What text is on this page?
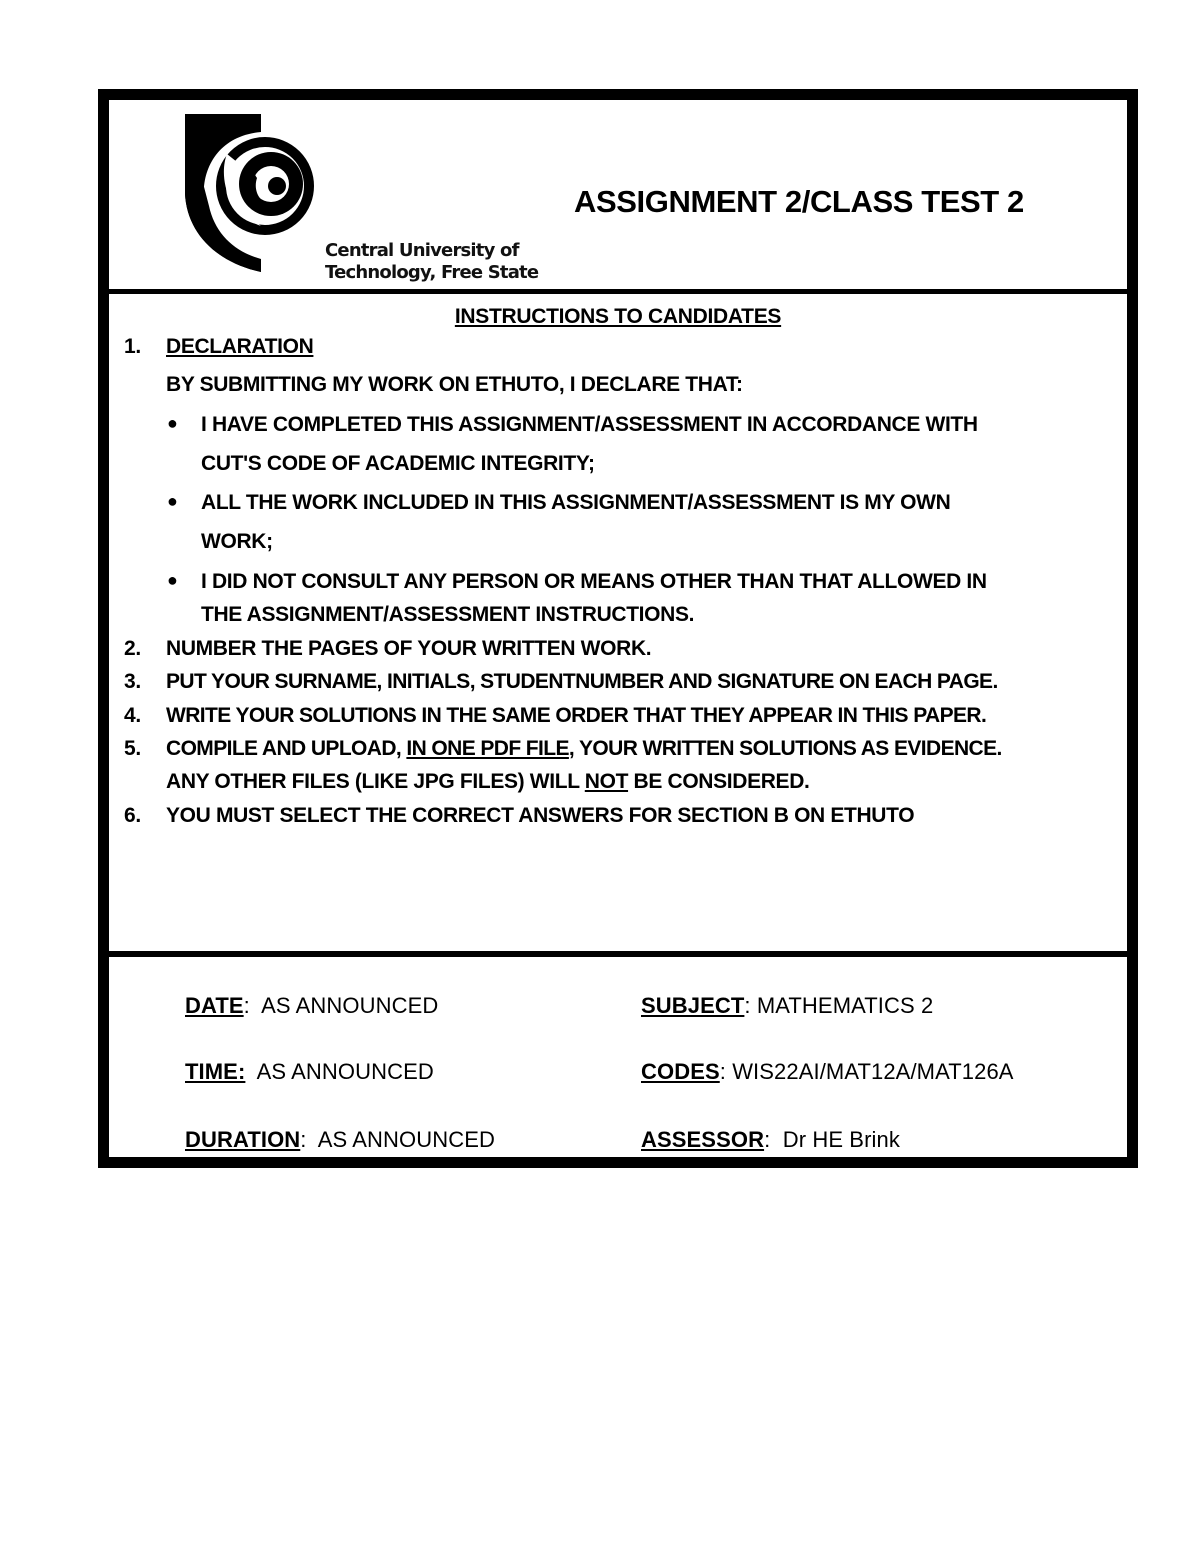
Central University of
Technology, Free State
ASSIGNMENT 2/CLASS TEST 2
INSTRUCTIONS TO CANDIDATES
1. DECLARATION
BY SUBMITTING MY WORK ON ETHUTO, I DECLARE THAT:
● I HAVE COMPLETED THIS ASSIGNMENT/ASSESSMENT IN ACCORDANCE WITH
CUT'S CODE OF ACADEMIC INTEGRITY;
● ALL THE WORK INCLUDED IN THIS ASSIGNMENT/ASSESSMENT IS MY OWN
WORK;
● I DID NOT CONSULT ANY PERSON OR MEANS OTHER THAN THAT ALLOWED IN
THE ASSIGNMENT/ASSESSMENT INSTRUCTIONS.
2. NUMBER THE PAGES OF YOUR WRITTEN WORK.
3. PUT YOUR SURNAME, INITIALS, STUDENTNUMBER AND SIGNATURE ON EACH PAGE.
4. WRITE YOUR SOLUTIONS IN THE SAME ORDER THAT THEY APPEAR IN THIS PAPER.
5. COMPILE AND UPLOAD, IN ONE PDF FILE, YOUR WRITTEN SOLUTIONS AS EVIDENCE.
ANY OTHER FILES (LIKE JPG FILES) WILL NOT BE CONSIDERED.
6. YOU MUST SELECT THE CORRECT ANSWERS FOR SECTION B ON ETHUTO
DATE:  AS ANNOUNCED
TIME: AS ANNOUNCED
DURATION:  AS ANNOUNCED
SUBJECT: MATHEMATICS 2
CODES: WIS22AI/MAT12A/MAT126A
ASSESSOR:  Dr HE Brink
